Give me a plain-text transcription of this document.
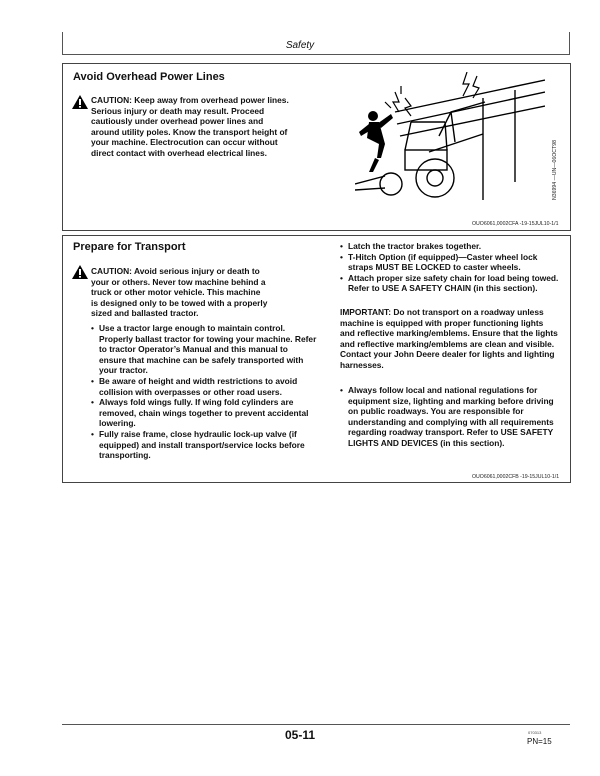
Safety
Avoid Overhead Power Lines
CAUTION: Keep away from overhead power lines.
Serious injury or death may result. Proceed
cautiously under overhead power lines and
around utility poles. Know the transport height of
your machine. Electrocution can occur without
direct contact with overhead electrical lines.	N36994 —UN—06OCT98
OUO6061,0002CFA -19-15JUL10-1/1
Prepare for Transport
CAUTION: Avoid serious injury or death to
your or others. Never tow machine behind a
truck or other motor vehicle. This machine
is designed only to be towed with a properly
sized and ballasted tractor.
• Use a tractor large enough to maintain control. Properly ballast tractor for towing your machine. Refer to tractor Operator’s Manual and this manual to ensure that machine can be safely transported with your tractor.
• Be aware of height and width restrictions to avoid collision with overpasses or other road users.
• Always fold wings fully. If wing fold cylinders are removed, chain wings together to prevent accidental lowering.
• Fully raise frame, close hydraulic lock-up valve (if equipped) and install transport/service locks before transporting.
• Latch the tractor brakes together.
• T-Hitch Option (if equipped)—Caster wheel lock straps MUST BE LOCKED to caster wheels.
• Attach proper size safety chain for load being towed. Refer to USE A SAFETY CHAIN (in this section).
IMPORTANT: Do not transport on a roadway unless machine is equipped with proper functioning lights and reflective marking/emblems. Ensure that the lights and reflective marking/emblems are clean and visible. Contact your John Deere dealer for lights and lighting harnesses.
• Always follow local and national regulations for equipment size, lighting and marking before driving on public roadways. You are responsible for understanding and complying with all requirements regarding roadway transport. Refer to USE SAFETY LIGHTS AND DEVICES (in this section).
OUO6061,0002CFB -19-15JUL10-1/1
05-11	070313
PN=15
